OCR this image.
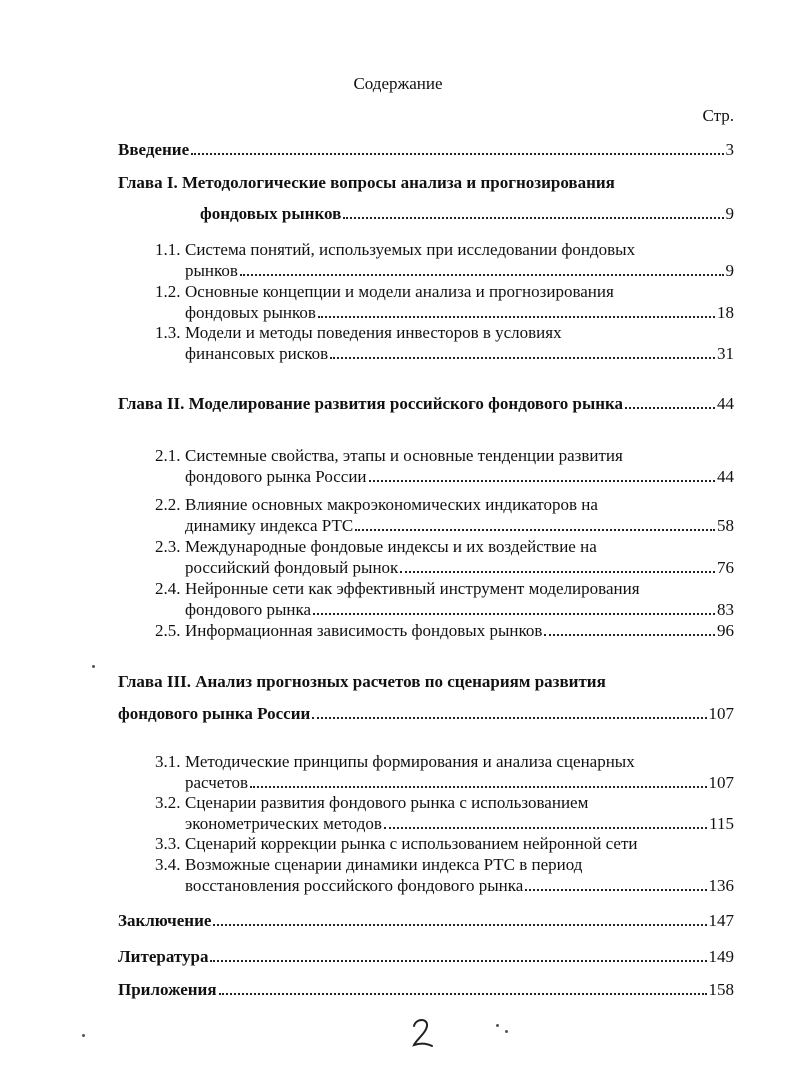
Содержание
Стр.
Введение	3
Глава I. Методологические вопросы анализа и прогнозирования
фондовых рынков	9
1.1. Система понятий, используемых при исследовании фондовых
рынков	9
1.2. Основные концепции и модели анализа и прогнозирования
фондовых рынков	18
1.3. Модели и методы поведения инвесторов в условиях
финансовых рисков	31
Глава II. Моделирование развития российского фондового рынка	44
2.1. Системные свойства, этапы и основные тенденции развития
фондового рынка России	44
2.2. Влияние основных макроэкономических индикаторов на
динамику индекса РТС	58
2.3. Международные фондовые индексы и их воздействие на
российский фондовый рынок	76
2.4. Нейронные сети как эффективный инструмент моделирования
фондового рынка	83
2.5. Информационная зависимость фондовых рынков	96
Глава III. Анализ прогнозных расчетов по сценариям развития
фондового рынка России	107
3.1. Методические принципы формирования и анализа сценарных
расчетов	107
3.2. Сценарии развития фондового рынка с использованием
эконометрических методов	115
3.3. Сценарий коррекции рынка с использованием нейронной сети
3.4. Возможные сценарии динамики индекса РТС в период
восстановления российского фондового рынка	136
Заключение	147
Литература	149
Приложения	158
